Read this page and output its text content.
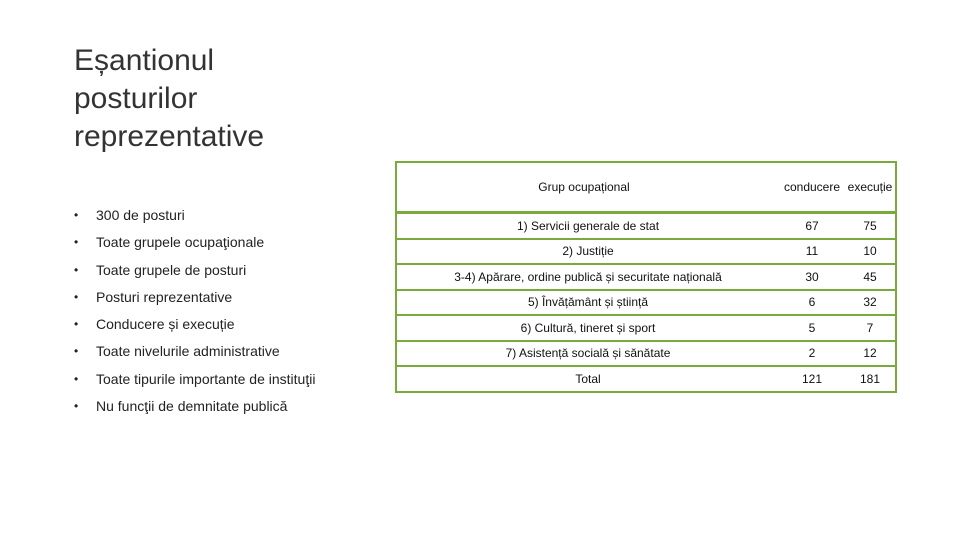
Eșantionul
posturilor
reprezentative
• 300 de posturi
• Toate grupele ocupaţionale
• Toate grupele de posturi
• Posturi reprezentative
• Conducere și execuție
• Toate nivelurile administrative
• Toate tipurile importante de instituţii
• Nu funcţii de demnitate publică
Grup ocupațional	conducere	execuție
1) Servicii generale de stat	67	75
2) Justiție	11	10
3-4) Apărare, ordine publică și securitate națională	30	45
5) Învățământ și știință	6	32
6) Cultură, tineret și sport	5	7
7) Asistență socială și sănătate	2	12
Total	121	181
